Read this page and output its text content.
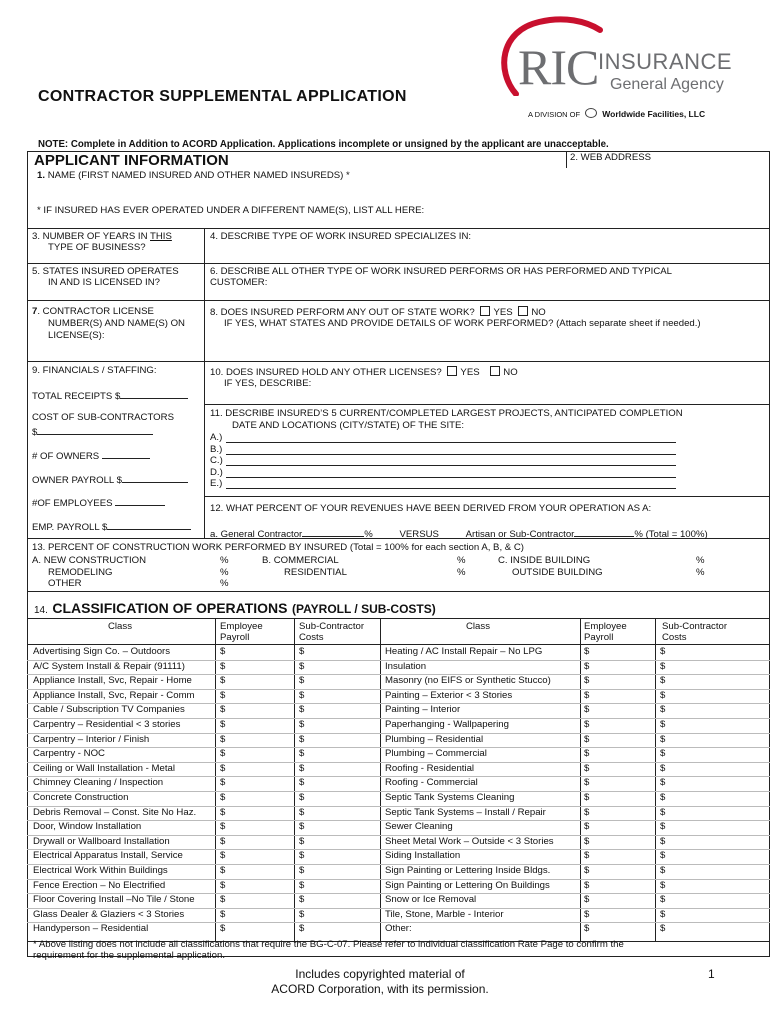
CONTRACTOR SUPPLEMENTAL APPLICATION
RIC INSURANCE
General Agency
A DIVISION OF	Worldwide Facilities, LLC
NOTE: Complete in Addition to ACORD Application. Applications incomplete or unsigned by the applicant are unacceptable.
APPLICANT INFORMATION	2. WEB ADDRESS
1. NAME (FIRST NAMED INSURED AND OTHER NAMED INSUREDS) *
* IF INSURED HAS EVER OPERATED UNDER A DIFFERENT NAME(S), LIST ALL HERE:
3. NUMBER OF YEARS IN THIS
TYPE OF BUSINESS?
4. DESCRIBE TYPE OF WORK INSURED SPECIALIZES IN:
5. STATES INSURED OPERATES
IN AND IS LICENSED IN?
6. DESCRIBE ALL OTHER TYPE OF WORK INSURED PERFORMS OR HAS PERFORMED AND TYPICAL
CUSTOMER:
7. CONTRACTOR LICENSE
NUMBER(S) AND NAME(S) ON
LICENSE(S):
8. DOES INSURED PERFORM ANY OUT OF STATE WORK? YES NO
IF YES, WHAT STATES AND PROVIDE DETAILS OF WORK PERFORMED? (Attach separate sheet if needed.)
9. FINANCIALS / STAFFING:
TOTAL RECEIPTS $
COST OF SUB-CONTRACTORS
$
# OF OWNERS
OWNER PAYROLL $
#OF EMPLOYEES
EMP. PAYROLL $
10. DOES INSURED HOLD ANY OTHER LICENSES? YES NO
IF YES, DESCRIBE:
11. DESCRIBE INSURED’S 5 CURRENT/COMPLETED LARGEST PROJECTS, ANTICIPATED COMPLETION
DATE AND LOCATIONS (CITY/STATE) OF THE SITE:
A.)
B.)
C.)
D.)
E.)
12. WHAT PERCENT OF YOUR REVENUES HAVE BEEN DERIVED FROM YOUR OPERATION AS A:
a. General Contractor	%	VERSUS	Artisan or Sub-Contractor	% (Total = 100%)
13. PERCENT OF CONSTRUCTION WORK PERFORMED BY INSURED (Total = 100% for each section A, B, & C)
A. NEW CONSTRUCTION
REMODELING
OTHER
%
%
%
B. COMMERCIAL
RESIDENTIAL
%
%
C. INSIDE BUILDING
OUTSIDE BUILDING
%
%
14. CLASSIFICATION OF OPERATIONS (PAYROLL / SUB-COSTS)
Class	Employee
Payroll
Sub-Contractor
Costs
Class	Employee
Payroll
Sub-Contractor
Costs
Advertising Sign Co. – Outdoors	$	$	Heating / AC Install Repair – No LPG	$	$
A/C System Install & Repair (91111)	$	$	Insulation	$	$
Appliance Install, Svc, Repair - Home	$	$	Masonry (no EIFS or Synthetic Stucco)	$	$
Appliance Install, Svc, Repair - Comm	$	$	Painting – Exterior < 3 Stories	$	$
Cable / Subscription TV Companies	$	$	Painting – Interior	$	$
Carpentry – Residential < 3 stories	$	$	Paperhanging - Wallpapering	$	$
Carpentry – Interior / Finish	$	$	Plumbing – Residential	$	$
Carpentry - NOC	$	$	Plumbing – Commercial	$	$
Ceiling or Wall Installation - Metal	$	$	Roofing - Residential	$	$
Chimney Cleaning / Inspection	$	$	Roofing - Commercial	$	$
Concrete Construction	$	$	Septic Tank Systems Cleaning	$	$
Debris Removal – Const. Site No Haz. $	$	Septic Tank Systems – Install / Repair	$	$
Door, Window Installation	$	$	Sewer Cleaning	$	$
Drywall or Wallboard Installation	$	$	Sheet Metal Work – Outside < 3 Stories	$	$
Electrical Apparatus Install, Service	$	$	Siding Installation	$	$
Electrical Work Within Buildings	$	$	Sign Painting or Lettering Inside Bldgs.	$	$
Fence Erection – No Electrified	$	$	Sign Painting or Lettering On Buildings	$	$
Floor Covering Install –No Tile / Stone	$	$	Snow or Ice Removal	$	$
Glass Dealer & Glaziers < 3 Stories	$	$	Tile, Stone, Marble - Interior	$	$
Handyperson – Residential	$	$	Other:	$	$
* Above listing does not include all classifications that require the BG-C-07. Please refer to individual classification Rate Page to confirm the
requirement for the supplemental application.
Includes copyrighted material of
ACORD Corporation, with its permission.
1
